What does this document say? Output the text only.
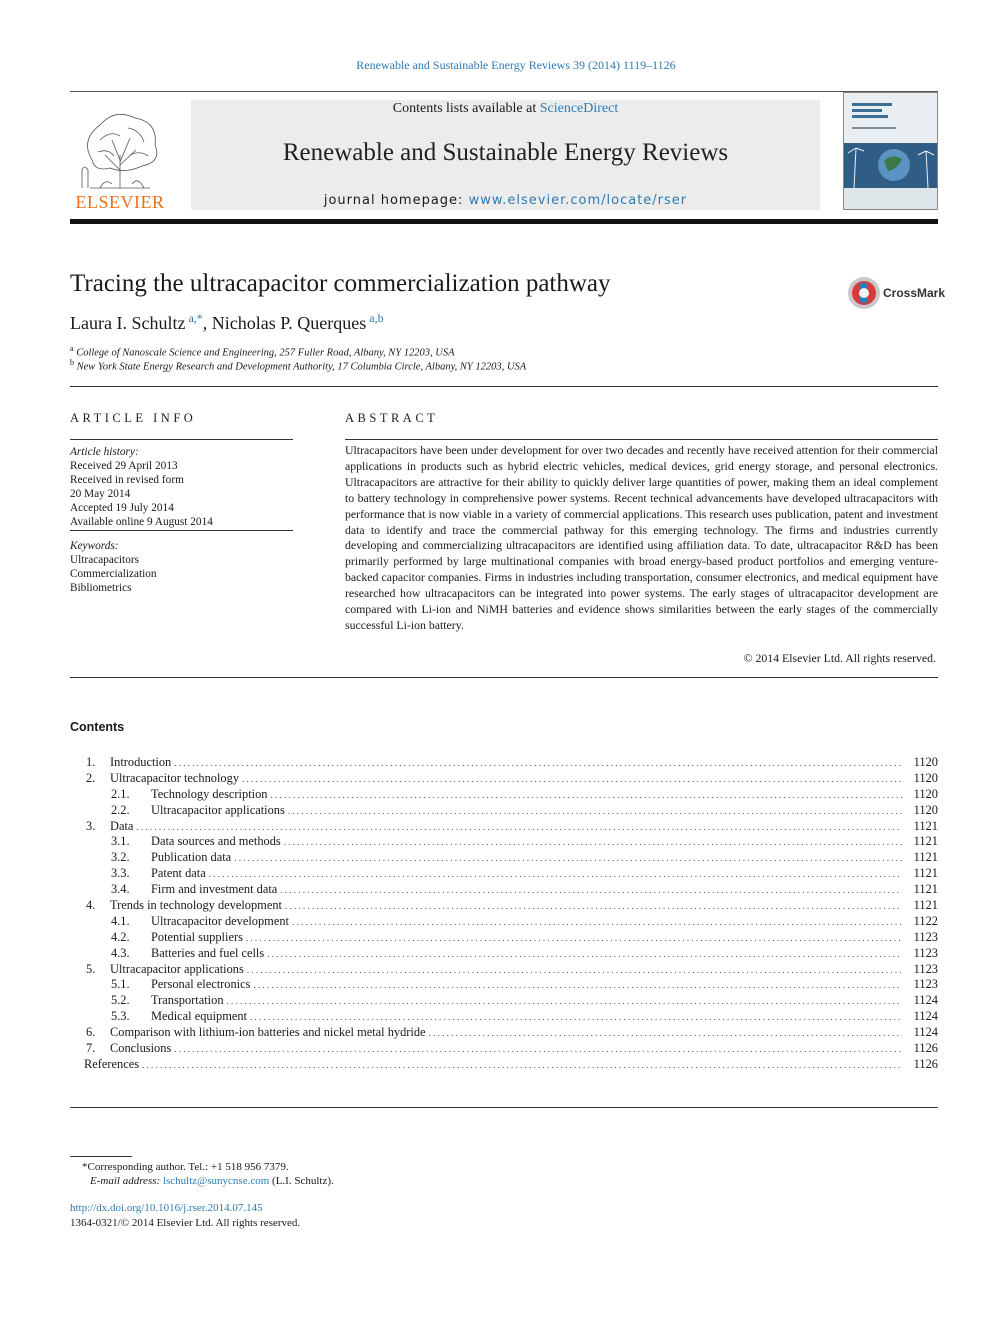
Renewable and Sustainable Energy Reviews 39 (2014) 1119–1126
ELSEVIER
Contents lists available at ScienceDirect
Renewable and Sustainable Energy Reviews
journal homepage: www.elsevier.com/locate/rser
Tracing the ultracapacitor commercialization pathway	CrossMark
Laura I. Schultz $^{a,*}$, Nicholas P. Querques $^{a,b}$
$^a$ College of Nanoscale Science and Engineering, 257 Fuller Road, Albany, NY 12203, USA
$^b$ New York State Energy Research and Development Authority, 17 Columbia Circle, Albany, NY 12203, USA
ARTICLE INFO
Article history:
Received 29 April 2013
Received in revised form
20 May 2014
Accepted 19 July 2014
Available online 9 August 2014
Keywords:
Ultracapacitors
Commercialization
Bibliometrics
ABSTRACT
Ultracapacitors have been under development for over two decades and recently have received attention for their commercial applications in products such as hybrid electric vehicles, medical devices, grid energy storage, and personal electronics. Ultracapacitors are attractive for their ability to quickly deliver large quantities of power, making them an ideal complement to battery technology in comprehensive power systems. Recent technical advancements have developed ultracapacitors with performance that is now viable in a variety of commercial applications. This research uses publication, patent and investment data to identify and trace the commercial pathway for this emerging technology. The firms and industries currently developing and commercializing ultracapacitors are identified using affiliation data. To date, ultracapacitor R&D has been primarily performed by large multinational companies with broad energy-based product portfolios and emerging venture-backed capacitor companies. Firms in industries including transportation, consumer electronics, and medical equipment have researched how ultracapacitors can be integrated into power systems. The early stages of ultracapacitor development are compared with Li-ion and NiMH batteries and evidence shows similarities between the early stages of the commercially successful Li-ion battery.
© 2014 Elsevier Ltd. All rights reserved.
Contents
1.	Introduction . . .	1120
2.	Ultracapacitor technology . . .	1120
2.1.	Technology description . . .	1120
2.2.	Ultracapacitor applications . . .	1120
3.	Data . . .	1121
3.1.	Data sources and methods . . .	1121
3.2.	Publication data . . .	1121
3.3.	Patent data . . .	1121
3.4.	Firm and investment data . . .	1121
4.	Trends in technology development . . .	1121
4.1.	Ultracapacitor development . . .	1122
4.2.	Potential suppliers . . .	1123
4.3.	Batteries and fuel cells . . .	1123
5.	Ultracapacitor applications . . .	1123
5.1.	Personal electronics . . .	1123
5.2.	Transportation . . .	1124
5.3.	Medical equipment . . .	1124
6.	Comparison with lithium-ion batteries and nickel metal hydride . . .	1124
7.	Conclusions . . .	1126
References . . .	1126
*Corresponding author. Tel.: +1 518 956 7379.
E-mail address: lschultz@sunycnse.com (L.I. Schultz).
http://dx.doi.org/10.1016/j.rser.2014.07.145
1364-0321/© 2014 Elsevier Ltd. All rights reserved.
